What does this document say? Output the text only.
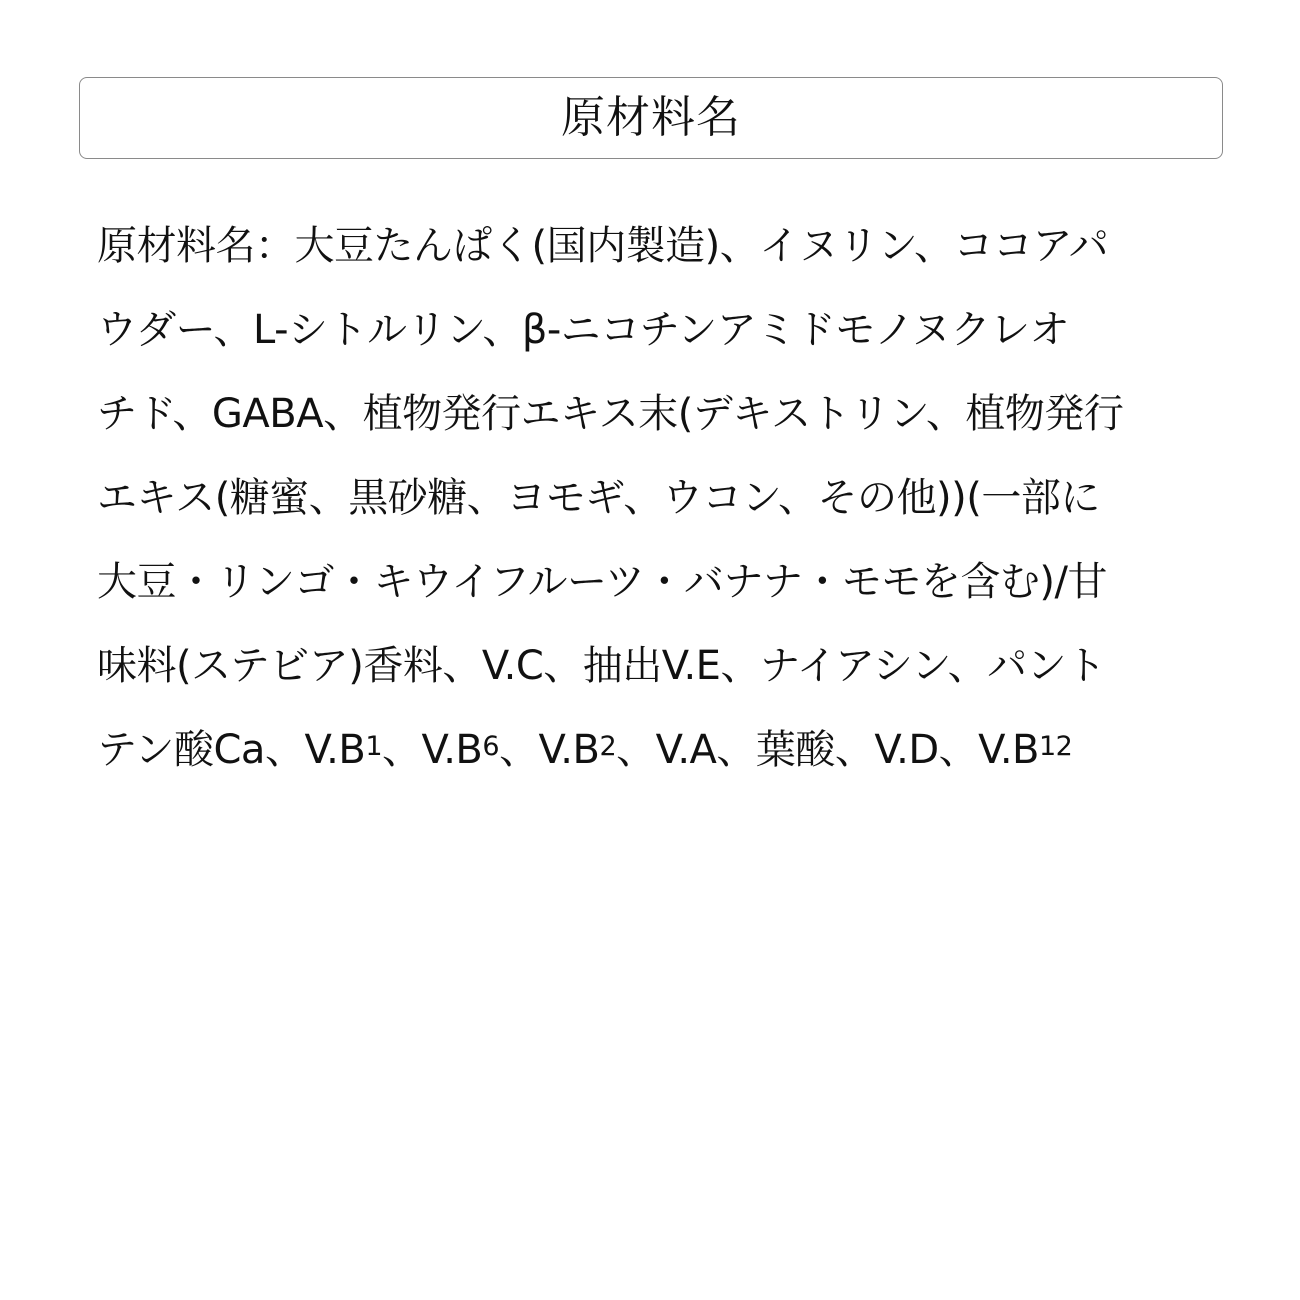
原材料名
原材料名：大豆たんぱく(国内製造)、イヌリン、ココアパ
ウダー、L-シトルリン、β-ニコチンアミドモノヌクレオ
チド、GABA、植物発行エキス末(デキストリン、植物発行
エキス(糖蜜、黒砂糖、ヨモギ、ウコン、その他))(一部に
大豆・リンゴ・キウイフルーツ・バナナ・モモを含む)/甘
味料(ステビア)香料、V.C、抽出V.E、ナイアシン、パント
テン酸Ca、V.B 1 、V.B 6 、V.B 2 、V.A、葉酸、V.D、V.B 12
